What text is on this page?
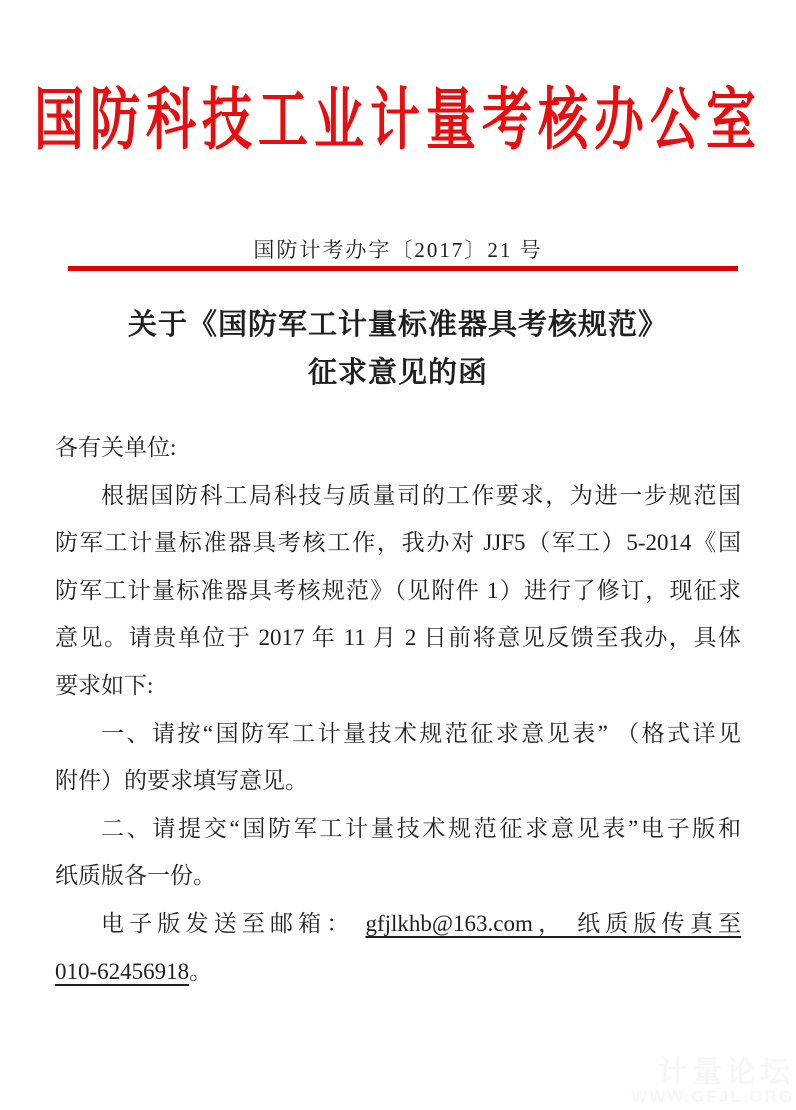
国防科技工业计量考核办公室
国防计考办字〔2017〕21 号
关于《国防军工计量标准器具考核规范》
征求意见的函
各有关单位:
根据国防科工局科技与质量司的工作要求，为进一步规范国
防军工计量标准器具考核工作，我办对 JJF5（军工）5-2014《国
防军工计量标准器具考核规范》（见附件 1）进行了修订，现征求
意见。请贵单位于 2017 年 11 月 2 日前将意见反馈至我办，具体
要求如下:
一、请按“国防军工计量技术规范征求意见表” （格式详见
附件）的要求填写意见。
二、请提交“国防军工计量技术规范征求意见表”电子版和
纸质版各一份。
电子版发送至邮箱： gfjlkhb@163.com， 纸质版传真至
010-62456918。
计量论坛
WWW.GFJL.ORG
